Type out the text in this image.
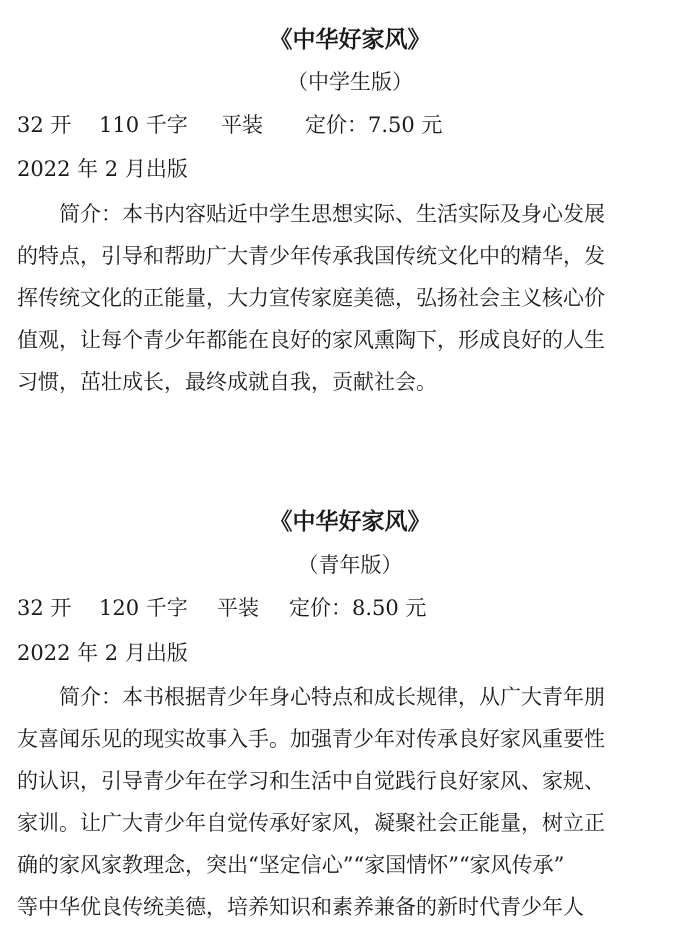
《中华好家风》
（中学生版）
32 开 110 千字 平装 定价：7.50 元
2022 年 2 月出版
简介：本书内容贴近中学生思想实际、生活实际及身心发展
的特点，引导和帮助广大青少年传承我国传统文化中的精华，发
挥传统文化的正能量，大力宣传家庭美德，弘扬社会主义核心价
值观，让每个青少年都能在良好的家风熏陶下，形成良好的人生
习惯，茁壮成长，最终成就自我，贡献社会。
《中华好家风》
（青年版）
32 开 120 千字 平装 定价：8.50 元
2022 年 2 月出版
简介：本书根据青少年身心特点和成长规律，从广大青年朋
友喜闻乐见的现实故事入手。加强青少年对传承良好家风重要性
的认识，引导青少年在学习和生活中自觉践行良好家风、家规、
家训。让广大青少年自觉传承好家风，凝聚社会正能量，树立正
确的家风家教理念，突出“坚定信心”“家国情怀”“家风传承”
等中华优良传统美德，培养知识和素养兼备的新时代青少年人
